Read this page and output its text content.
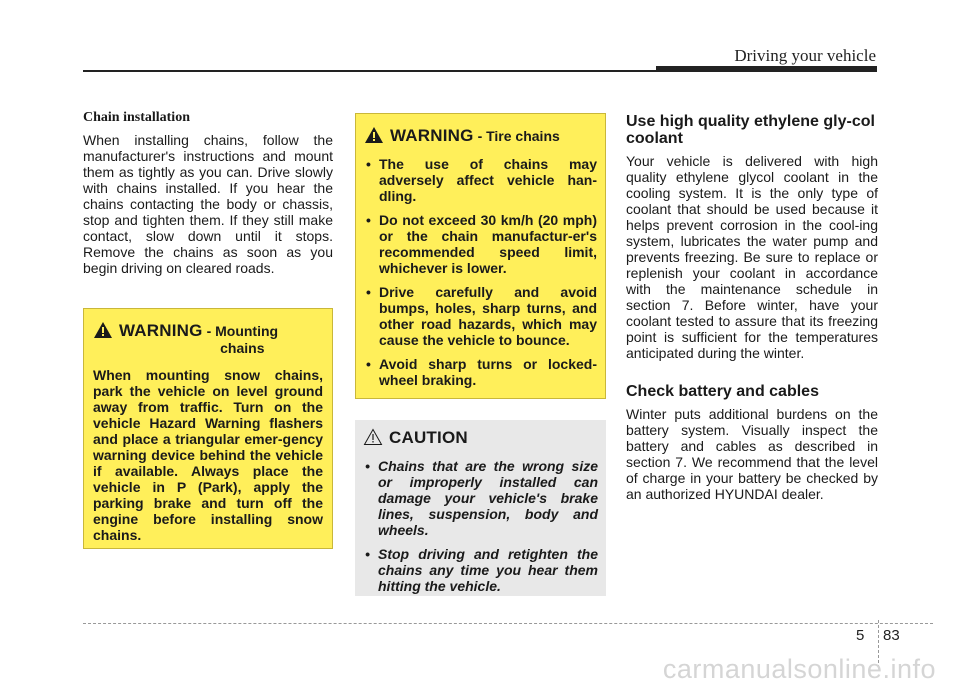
Driving your vehicle
Chain installation

When installing chains, follow the manufacturer's instructions and mount them as tightly as you can. Drive slowly with chains installed. If you hear the chains contacting the body or chassis, stop and tighten them. If they still make contact, slow down until it stops. Remove the chains as soon as you begin driving on cleared roads.

WARNING - Mounting
chains

When mounting snow chains, park the vehicle on level ground away from traffic. Turn on the vehicle Hazard Warning flashers and place a triangular emer-gency warning device behind the vehicle if available. Always place the vehicle in P (Park), apply the parking brake and turn off the engine before installing snow chains.

WARNING - Tire chains
• The use of chains may adversely affect vehicle han-dling.
• Do not exceed 30 km/h (20 mph) or the chain manufactur-er's recommended speed limit, whichever is lower.
• Drive carefully and avoid bumps, holes, sharp turns, and other road hazards, which may cause the vehicle to bounce.
• Avoid sharp turns or locked-wheel braking.
CAUTION
• Chains that are the wrong size or improperly installed can damage your vehicle's brake lines, suspension, body and wheels.
• Stop driving and retighten the chains any time you hear them hitting the vehicle.
Use high quality ethylene gly-col coolant

Your vehicle is delivered with high quality ethylene glycol coolant in the cooling system. It is the only type of coolant that should be used because it helps prevent corrosion in the cool-ing system, lubricates the water pump and prevents freezing. Be sure to replace or replenish your coolant in accordance with the maintenance schedule in section 7. Before winter, have your coolant tested to assure that its freezing point is sufficient for the temperatures anticipated during the winter.

Check battery and cables

Winter puts additional burdens on the battery system. Visually inspect the battery and cables as described in section 7. We recommend that the level of charge in your battery be checked by an authorized HYUNDAI dealer.

5 83
carmanualsonline.info
